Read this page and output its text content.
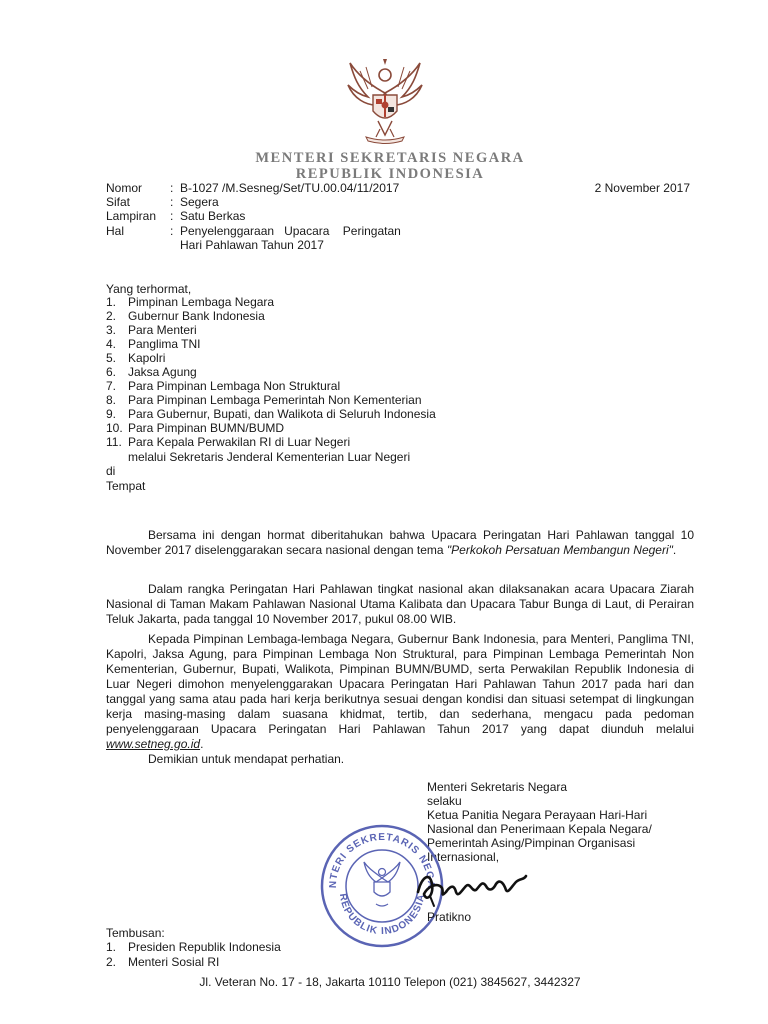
MENTERI SEKRETARIS NEGARA
REPUBLIK INDONESIA
Nomor	: B-1027 /M.Sesneg/Set/TU.00.04/11/2017	2 November 2017
Sifat	: Segera
Lampiran	: Satu Berkas
Hal	: Penyelenggaraan   Upacara    Peringatan
Hari Pahlawan Tahun 2017
Yang terhormat,
1. Pimpinan Lembaga Negara
2. Gubernur Bank Indonesia
3. Para Menteri
4. Panglima TNI
5. Kapolri
6. Jaksa Agung
7. Para Pimpinan Lembaga Non Struktural
8. Para Pimpinan Lembaga Pemerintah Non Kementerian
9. Para Gubernur, Bupati, dan Walikota di Seluruh Indonesia
10. Para Pimpinan BUMN/BUMD
11. Para Kepala Perwakilan RI di Luar Negeri
melalui Sekretaris Jenderal Kementerian Luar Negeri
di
Tempat
Bersama ini dengan hormat diberitahukan bahwa Upacara Peringatan Hari Pahlawan tanggal 10 November 2017 diselenggarakan secara nasional dengan tema "Perkokoh Persatuan Membangun Negeri".
Dalam rangka Peringatan Hari Pahlawan tingkat nasional akan dilaksanakan acara Upacara Ziarah Nasional di Taman Makam Pahlawan Nasional Utama Kalibata dan Upacara Tabur Bunga di Laut, di Perairan Teluk Jakarta, pada tanggal 10 November 2017, pukul 08.00 WIB.
Kepada Pimpinan Lembaga-lembaga Negara, Gubernur Bank Indonesia, para Menteri, Panglima TNI, Kapolri, Jaksa Agung, para Pimpinan Lembaga Non Struktural, para Pimpinan Lembaga Pemerintah Non Kementerian, Gubernur, Bupati, Walikota, Pimpinan BUMN/BUMD, serta Perwakilan Republik Indonesia di Luar Negeri dimohon menyelenggarakan Upacara Peringatan Hari Pahlawan Tahun 2017 pada hari dan tanggal yang sama atau pada hari kerja berikutnya sesuai dengan kondisi dan situasi setempat di lingkungan kerja masing-masing dalam suasana khidmat, tertib, dan sederhana, mengacu pada pedoman penyelenggaraan Upacara Peringatan Hari Pahlawan Tahun 2017 yang dapat diunduh melalui www.setneg.go.id.
Demikian untuk mendapat perhatian.
Menteri Sekretaris Negara
selaku
Ketua Panitia Negara Perayaan Hari-Hari
Nasional dan Penerimaan Kepala Negara/
Pemerintah Asing/Pimpinan Organisasi
Internasional,
NTERI SEKRETARIS NEGA
REPUBLIK INDONESIA
Pratikno
Tembusan:
1. Presiden Republik Indonesia
2. Menteri Sosial RI
Jl. Veteran No. 17 - 18, Jakarta 10110 Telepon (021) 3845627, 3442327
